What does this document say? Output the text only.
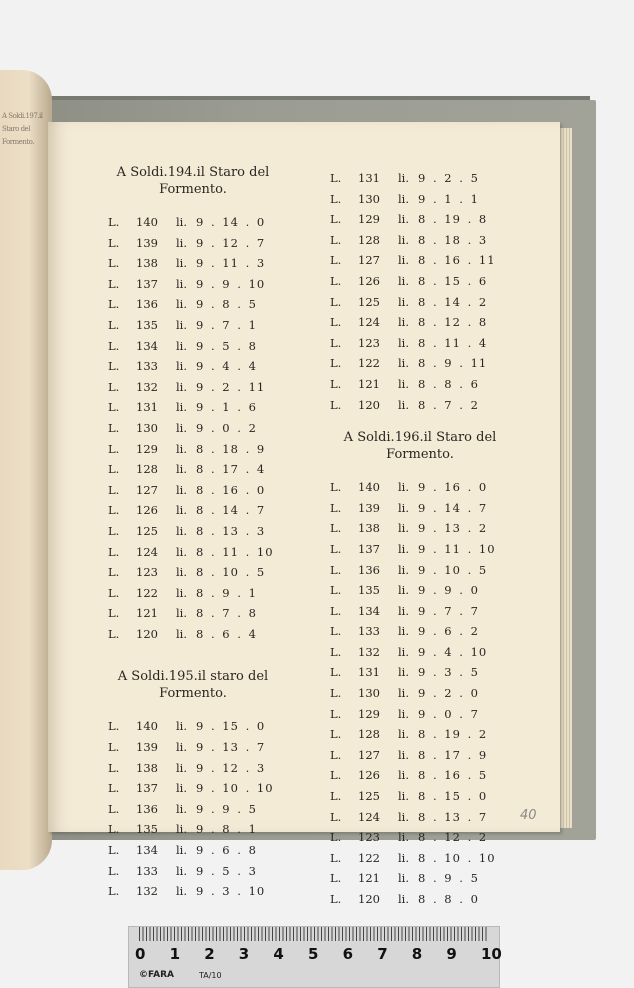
A Soldi.197.il Staro del Formento.

A Soldi.194.il Staro del
Formento.

L.	140	li. 9 . 14 . 0
L.	139	li. 9 . 12 . 7
L.	138	li. 9 . 11 . 3
L.	137	li. 9 . 9 . 10
L.	136	li. 9 . 8 . 5
L.	135	li. 9 . 7 . 1
L.	134	li. 9 . 5 . 8
L.	133	li. 9 . 4 . 4
L.	132	li. 9 . 2 . 11
L.	131	li. 9 . 1 . 6
L.	130	li. 9 . 0 . 2
L.	129	li. 8 . 18 . 9
L.	128	li. 8 . 17 . 4
L.	127	li. 8 . 16 . 0
L.	126	li. 8 . 14 . 7
L.	125	li. 8 . 13 . 3
L.	124	li. 8 . 11 . 10
L.	123	li. 8 . 10 . 5
L.	122	li. 8 . 9 . 1
L.	121	li. 8 . 7 . 8
L.	120	li. 8 . 6 . 4

A Soldi.195.il staro del
Formento.

L.	140	li. 9 . 15 . 0
L.	139	li. 9 . 13 . 7
L.	138	li. 9 . 12 . 3
L.	137	li. 9 . 10 . 10
L.	136	li. 9 . 9 . 5
L.	135	li. 9 . 8 . 1
L.	134	li. 9 . 6 . 8
L.	133	li. 9 . 5 . 3
L.	132	li. 9 . 3 . 10
L.	131	li. 9 . 2 . 5
L.	130	li. 9 . 1 . 1
L.	129	li. 8 . 19 . 8
L.	128	li. 8 . 18 . 3
L.	127	li. 8 . 16 . 11
L.	126	li. 8 . 15 . 6
L.	125	li. 8 . 14 . 2
L.	124	li. 8 . 12 . 8
L.	123	li. 8 . 11 . 4
L.	122	li. 8 . 9 . 11
L.	121	li. 8 . 8 . 6
L.	120	li. 8 . 7 . 2

A Soldi.196.il Staro del
Formento.

L.	140	li. 9 . 16 . 0
L.	139	li. 9 . 14 . 7
L.	138	li. 9 . 13 . 2
L.	137	li. 9 . 11 . 10
L.	136	li. 9 . 10 . 5
L.	135	li. 9 . 9 . 0
L.	134	li. 9 . 7 . 7
L.	133	li. 9 . 6 . 2
L.	132	li. 9 . 4 . 10
L.	131	li. 9 . 3 . 5
L.	130	li. 9 . 2 . 0
L.	129	li. 9 . 0 . 7
L.	128	li. 8 . 19 . 2
L.	127	li. 8 . 17 . 9
L.	126	li. 8 . 16 . 5
L.	125	li. 8 . 15 . 0
L.	124	li. 8 . 13 . 7
L.	123	li. 8 . 12 . 2
L.	122	li. 8 . 10 . 10
L.	121	li. 8 . 9 . 5
L.	120	li. 8 . 8 . 0
40
0 1 2 3 4 5 6 7 8 9 10
©FARA	TA/10
